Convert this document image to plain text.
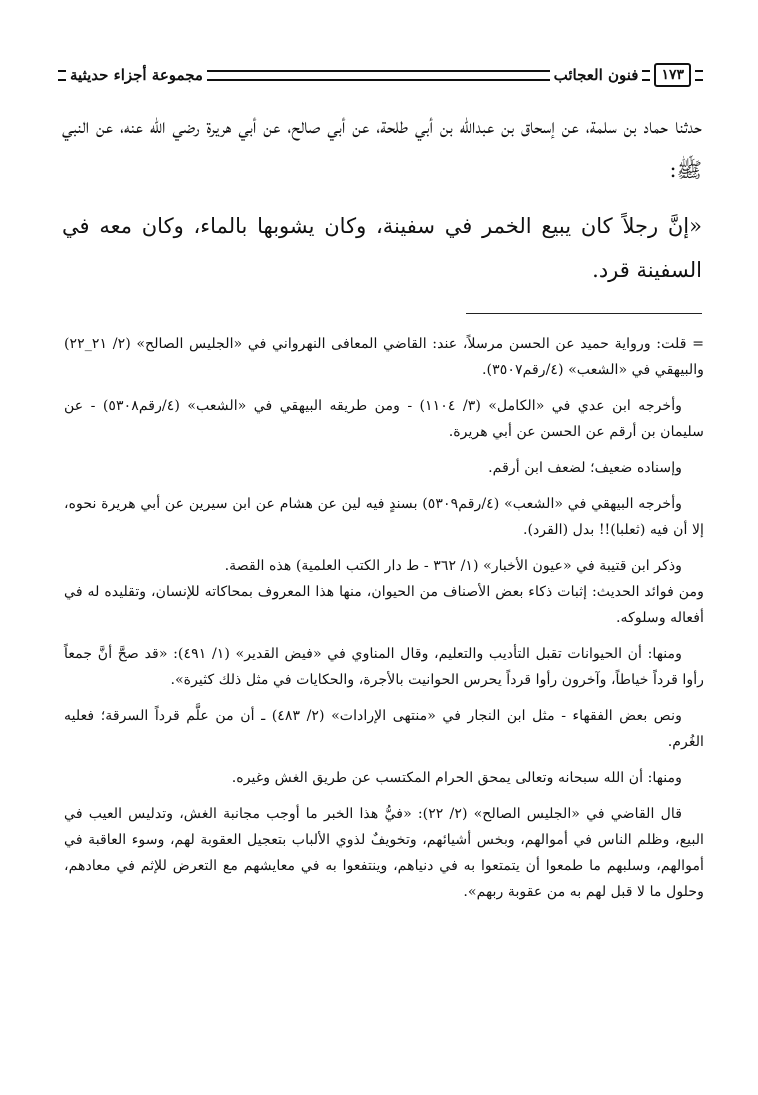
١٧٣
فنون العجائب
مجموعة أجزاء حديثية

حدثنا حماد بن سلمة، عن إسحاق بن عبدالله بن أبي طلحة، عن أبي صالح، عن أبي هريرة رضي الله عنه، عن النبي ﷺ:

«إنَّ رجلاً كان يبيع الخمر في سفينة، وكان يشوبها بالماء، وكان معه في السفينة قرد.

= قلت: ورواية حميد عن الحسن مرسلاً، عند: القاضي المعافى النهرواني في «الجليس الصالح» (٢/ ٢١_٢٢) والبيهقي في «الشعب» (٤/رقم٣٥٠٧).

وأخرجه ابن عدي في «الكامل» (٣/ ١١٠٤) - ومن طريقه البيهقي في «الشعب» (٤/رقم٥٣٠٨) - عن سليمان بن أرقم عن الحسن عن أبي هريرة.

وإسناده ضعيف؛ لضعف ابن أرقم.

وأخرجه البيهقي في «الشعب» (٤/رقم٥٣٠٩) بسندٍ فيه لين عن هشام عن ابن سيرين عن أبي هريرة نحوه، إلا أن فيه (ثعلبا)!! بدل (القرد).

وذكر ابن قتيبة في «عيون الأخبار» (١/ ٣٦٢ - ط دار الكتب العلمية) هذه القصة.

ومن فوائد الحديث: إثبات ذكاء بعض الأصناف من الحيوان، منها هذا المعروف بمحاكاته للإنسان، وتقليده له في أفعاله وسلوكه.

ومنها: أن الحيوانات تقبل التأديب والتعليم، وقال المناوي في «فيض القدير» (١/ ٤٩١): «قد صحَّ أنَّ جمعاً رأوا قرداً خياطاً، وآخرون رأوا قرداً يحرس الحوانيت بالأجرة، والحكايات في مثل ذلك كثيرة».

ونص بعض الفقهاء - مثل ابن النجار في «منتهى الإرادات» (٢/ ٤٨٣) ـ أن من علَّم قرداً السرقة؛ فعليه الغُرم.

ومنها: أن الله سبحانه وتعالى يمحق الحرام المكتسب عن طريق الغش وغيره.

قال القاضي في «الجليس الصالح» (٢/ ٢٢): «فيُّ هذا الخبر ما أوجب مجانبة الغش، وتدليس العيب في البيع، وظلم الناس في أموالهم، وبخس أشيائهم، وتخويفٌ لذوي الألباب بتعجيل العقوبة لهم، وسوء العاقبة في أموالهم، وسلبهم ما طمعوا أن يتمتعوا به في دنياهم، وينتفعوا به في معايشهم مع التعرض للإثم في معادهم، وحلول ما لا قبل لهم به من عقوبة ربهم».
